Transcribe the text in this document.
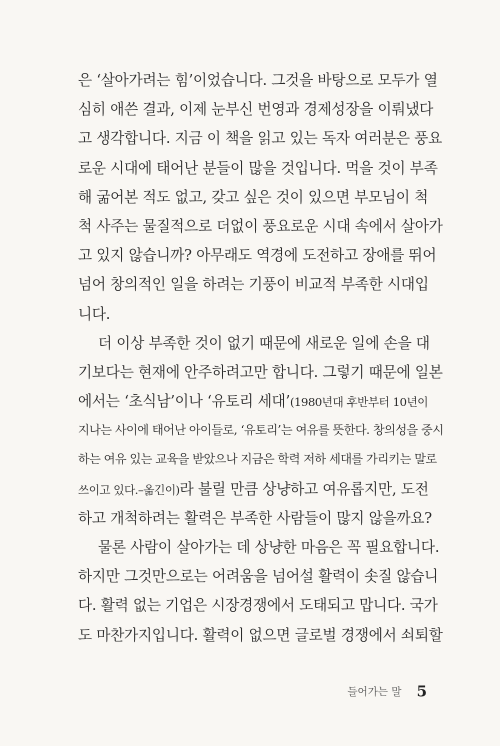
은 ‘살아가려는 힘’이었습니다. 그것을 바탕으로 모두가 열
심히 애쓴 결과, 이제 눈부신 번영과 경제성장을 이뤄냈다
고 생각합니다. 지금 이 책을 읽고 있는 독자 여러분은 풍요
로운 시대에 태어난 분들이 많을 것입니다. 먹을 것이 부족
해 굶어본 적도 없고, 갖고 싶은 것이 있으면 부모님이 척
척 사주는 물질적으로 더없이 풍요로운 시대 속에서 살아가
고 있지 않습니까? 아무래도 역경에 도전하고 장애를 뛰어
넘어 창의적인 일을 하려는 기풍이 비교적 부족한 시대입
니다.
더 이상 부족한 것이 없기 때문에 새로운 일에 손을 대
기보다는 현재에 안주하려고만 합니다. 그렇기 때문에 일본
에서는 ‘초식남’이나 ‘유토리 세대’(1980년대 후반부터 10년이
지나는 사이에 태어난 아이들로, ‘유토리’는 여유를 뜻한다. 창의성을 중시
하는 여유 있는 교육을 받았으나 지금은 학력 저하 세대를 가리키는 말로
쓰이고 있다.–옮긴이)라 불릴 만큼 상냥하고 여유롭지만, 도전
하고 개척하려는 활력은 부족한 사람들이 많지 않을까요?
물론 사람이 살아가는 데 상냥한 마음은 꼭 필요합니다.
하지만 그것만으로는 어려움을 넘어설 활력이 솟질 않습니
다. 활력 없는 기업은 시장경쟁에서 도태되고 맙니다. 국가
도 마찬가지입니다. 활력이 없으면 글로벌 경쟁에서 쇠퇴할
들어가는 말 5
